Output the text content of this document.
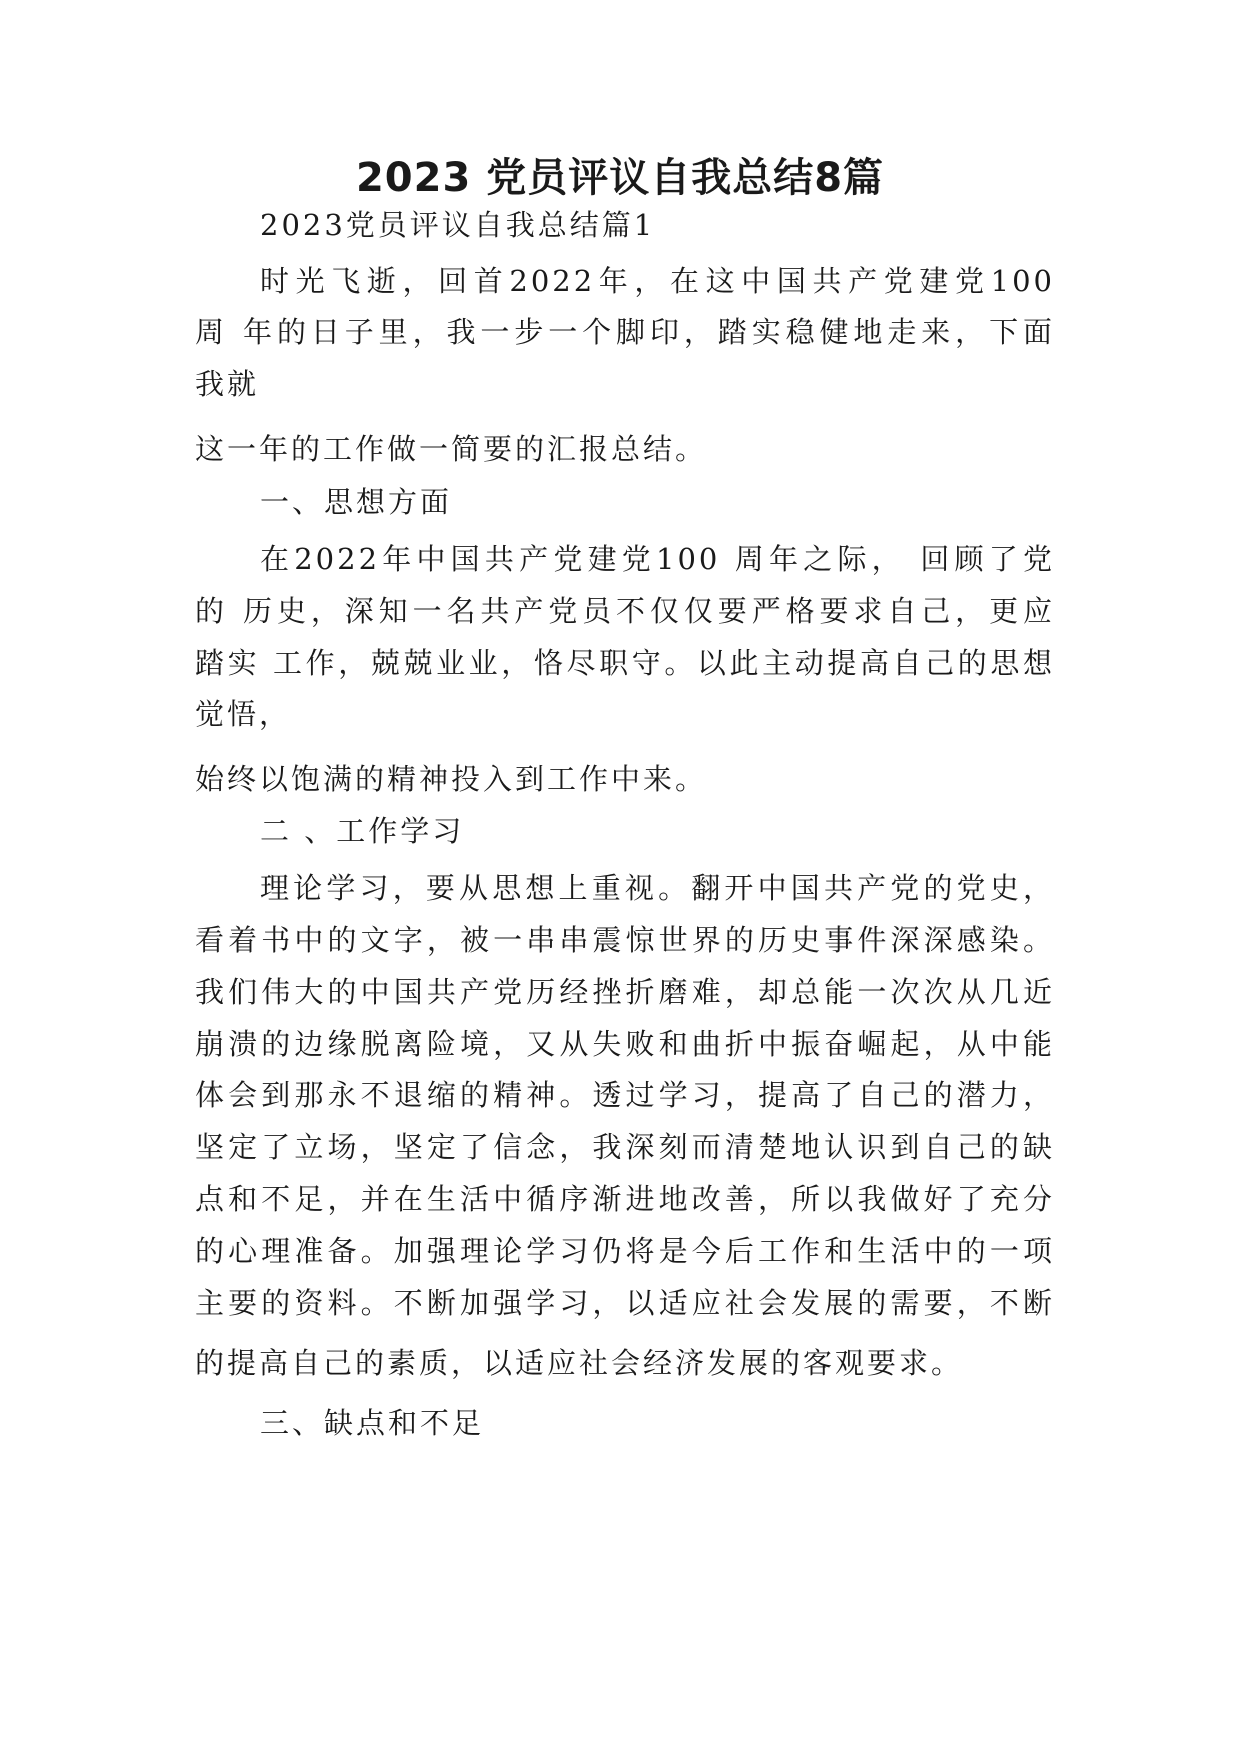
2023 党员评议自我总结8篇

2023党员评议自我总结篇1

时光飞逝，回首2022年，在这中国共产党建党100

周 年的日子里，我一步一个脚印，踏实稳健地走来，下面

我就

这一年的工作做一简要的汇报总结。

一、思想方面

在2022年中国共产党建党100 周年之际， 回顾了党

的 历史，深知一名共产党员不仅仅要严格要求自己，更应

踏实 工作，兢兢业业，恪尽职守。以此主动提高自己的思想

觉悟，

始终以饱满的精神投入到工作中来。

二 、工作学习

理论学习，要从思想上重视。翻开中国共产党的党史，

看着书中的文字，被一串串震惊世界的历史事件深深感染。

我们伟大的中国共产党历经挫折磨难，却总能一次次从几近

崩溃的边缘脱离险境，又从失败和曲折中振奋崛起，从中能

体会到那永不退缩的精神。透过学习，提高了自己的潜力，

坚定了立场，坚定了信念，我深刻而清楚地认识到自己的缺

点和不足，并在生活中循序渐进地改善，所以我做好了充分

的心理准备。加强理论学习仍将是今后工作和生活中的一项

主要的资料。不断加强学习，以适应社会发展的需要，不断

的提高自己的素质，以适应社会经济发展的客观要求。

三、缺点和不足
